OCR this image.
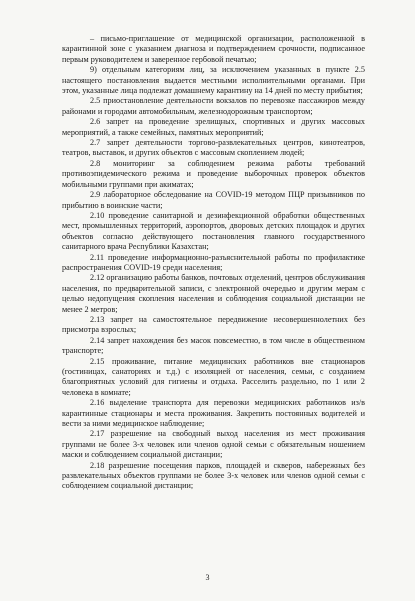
– письмо-приглашение от медицинской организации, расположенной в карантинной зоне с указанием диагноза и подтверждением срочности, подписанное первым руководителем и заверенное гербовой печатью;

9) отдельным категориям лиц, за исключением указанных в пункте 2.5 настоящего постановления выдается местными исполнительными органами. При этом, указанные лица подлежат домашнему карантину на 14 дней по месту прибытия;

2.5 приостановление деятельности вокзалов по перевозке пассажиров между районами и городами автомобильным, железнодорожным транспортом;

2.6 запрет на проведение зрелищных, спортивных и других массовых мероприятий, а также семейных, памятных мероприятий;

2.7 запрет деятельности торгово-развлекательных центров, кинотеатров, театров, выставок, и других объектов с массовым скоплением людей;

2.8 мониторинг за соблюдением режима работы требований противоэпидемического режима и проведение выборочных проверок объектов мобильными группами при акиматах;

2.9 лабораторное обследование на COVID-19 методом ПЦР призывников по прибытию в воинские части;

2.10 проведение санитарной и дезинфекционной обработки общественных мест, промышленных территорий, аэропортов, дворовых детских площадок и других объектов согласно действующего постановления главного государственного санитарного врача Республики Казахстан;

2.11 проведение информационно-разъяснительной работы по профилактике распространения COVID-19 среди населения;

2.12 организацию работы банков, почтовых отделений, центров обслуживания населения, по предварительной записи, с электронной очередью и другим мерам с целью недопущения скопления населения и соблюдения социальной дистанции не менее 2 метров;

2.13 запрет на самостоятельное передвижение несовершеннолетних без присмотра взрослых;

2.14 запрет нахождения без масок повсеместно, в том числе в общественном транспорте;

2.15 проживание, питание медицинских работников вне стационаров (гостиницах, санаториях и т.д.) с изоляцией от населения, семьи, с созданием благоприятных условий для гигиены и отдыха. Расселить раздельно, по 1 или 2 человека в комнате;

2.16 выделение транспорта для перевозки медицинских работников из/в карантинные стационары и места проживания. Закрепить постоянных водителей и вести за ними медицинское наблюдение;

2.17 разрешение на свободный выход населения из мест проживания группами не более 3-х человек или членов одной семьи с обязательным ношением маски и соблюдением социальной дистанции;

2.18 разрешение посещения парков, площадей и скверов, набережных без развлекательных объектов группами не более 3-х человек или членов одной семьи с соблюдением социальной дистанции;

3
